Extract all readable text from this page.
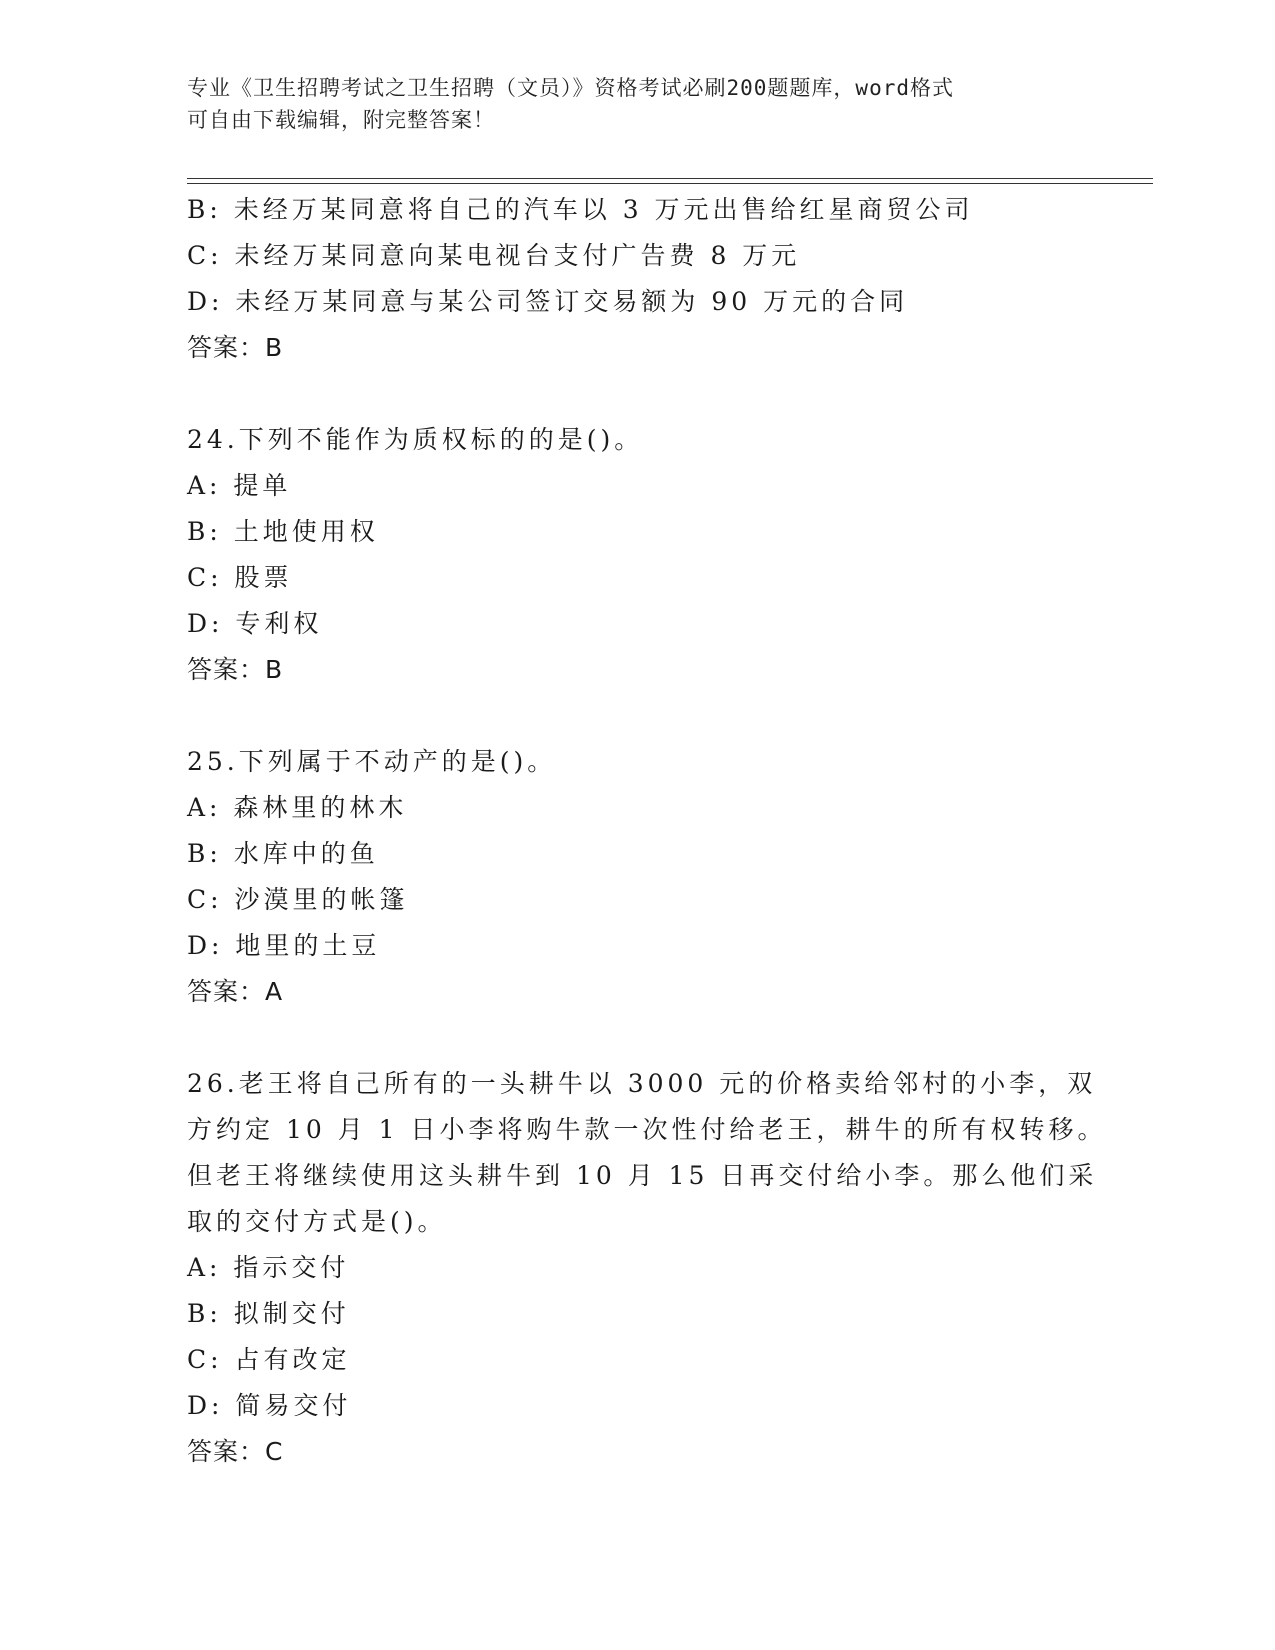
专业《卫生招聘考试之卫生招聘（文员）》资格考试必刷200题题库，word格式
可自由下载编辑，附完整答案！
B: 未经万某同意将自己的汽车以 3 万元出售给红星商贸公司
C: 未经万某同意向某电视台支付广告费 8 万元
D: 未经万某同意与某公司签订交易额为 90 万元的合同
答案：B
24.下列不能作为质权标的的是()。
A: 提单
B: 土地使用权
C: 股票
D: 专利权
答案：B
25.下列属于不动产的是()。
A: 森林里的林木
B: 水库中的鱼
C: 沙漠里的帐篷
D: 地里的土豆
答案：A
26.老王将自己所有的一头耕牛以 3000 元的价格卖给邻村的小李，双
方约定 10 月 1 日小李将购牛款一次性付给老王，耕牛的所有权转移。
但老王将继续使用这头耕牛到 10 月 15 日再交付给小李。那么他们采
取的交付方式是()。
A: 指示交付
B: 拟制交付
C: 占有改定
D: 简易交付
答案：C
